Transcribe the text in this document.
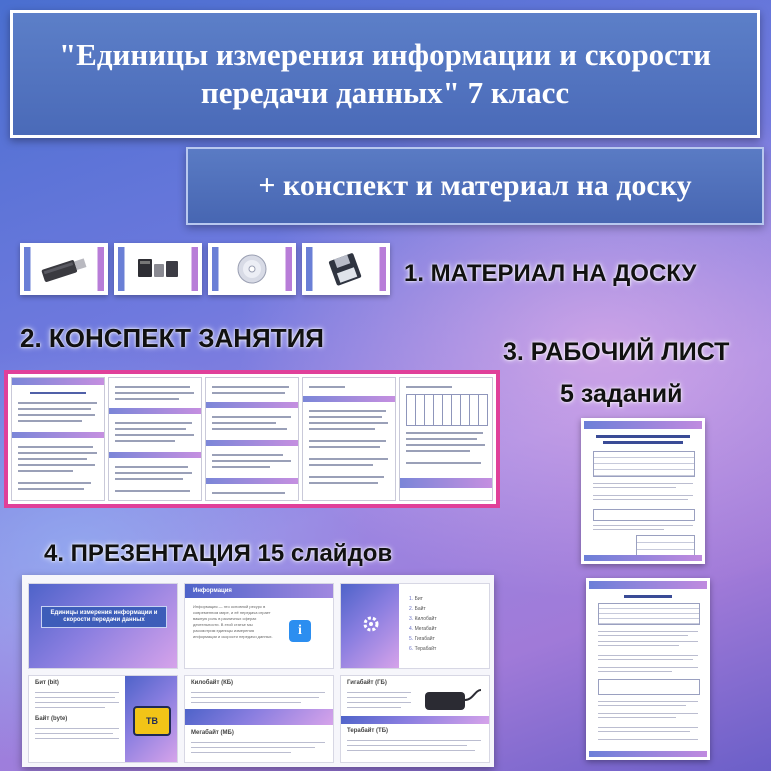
"Единицы измерения информации и скорости передачи данных" 7 класс
+ конспект и материал на доску
1. МАТЕРИАЛ НА ДОСКУ
2. КОНСПЕКТ ЗАНЯТИЯ	3. РАБОЧИЙ ЛИСТ
5 заданий
4. ПРЕЗЕНТАЦИЯ 15 слайдов
Единицы измерения информации и скорости передачи данных
Информация
Информация — это основной ресурс в современном мире, и её передача играет важную роль в различных сферах деятельности. В этой статье мы рассмотрим единицы измерения информации и скорости передачи данных.	i
1. Бит
2. Байт
3. Килобайт
4. Мегабайт
5. Гигабайт
6. Терабайт
Бит (bit)
Байт (byte)	TB
Килобайт (КБ)
Мегабайт (МБ)
Гигабайт (ГБ)
Терабайт (ТБ)
